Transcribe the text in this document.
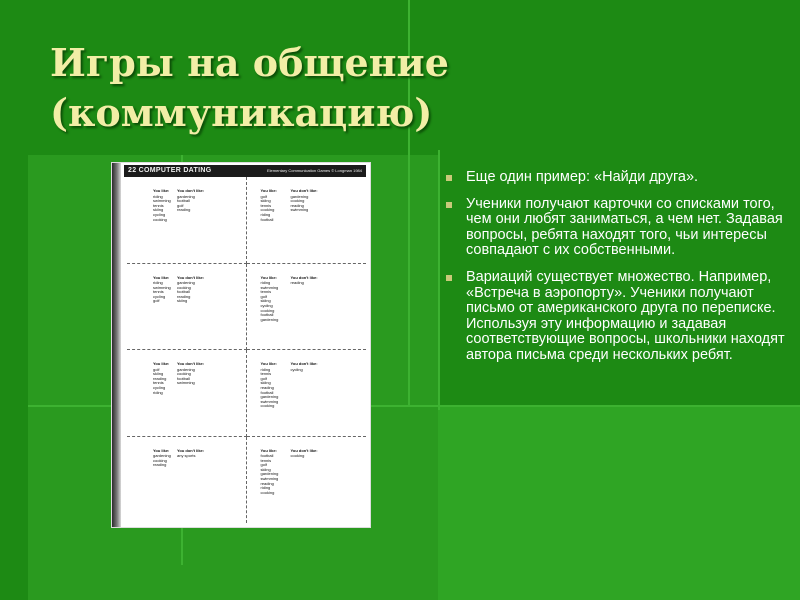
Игры на общение
(коммуникацию)
22 COMPUTER DATING	Elementary Communication Games © Longman 1984
You like:
riding
swimming
tennis
skiing
cycling
cooking
You don't like:
gardening
football
golf
reading
You like:
golf
skiing
tennis
cooking
riding
football
You don't like:
gardening
cooking
reading
swimming
You like:
riding
swimming
tennis
cycling
golf
You don't like:
gardening
cooking
football
reading
skiing
You like:
riding
swimming
tennis
golf
skiing
cycling
cooking
football
gardening
You don't like:
reading
You like:
golf
skiing
reading
tennis
cycling
riding
You don't like:
gardening
cooking
football
swimming
You like:
riding
tennis
golf
skiing
reading
football
gardening
swimming
cooking
You don't like:
cycling
You like:
gardening
cooking
reading
You don't like:
any sports
You like:
football
tennis
golf
skiing
gardening
swimming
reading
riding
cooking
You don't like:
cooking
Еще один пример: «Найди друга».
Ученики получают карточки со списками того, чем они любят заниматься, а чем нет. Задавая вопросы, ребята находят того, чьи интересы совпадают с их собственными.
Вариаций существует множество. Например, «Встреча в аэропорту». Ученики получают письмо от американского друга по переписке. Используя эту информацию и задавая соответствующие вопросы, школьники находят автора письма среди нескольких ребят.
